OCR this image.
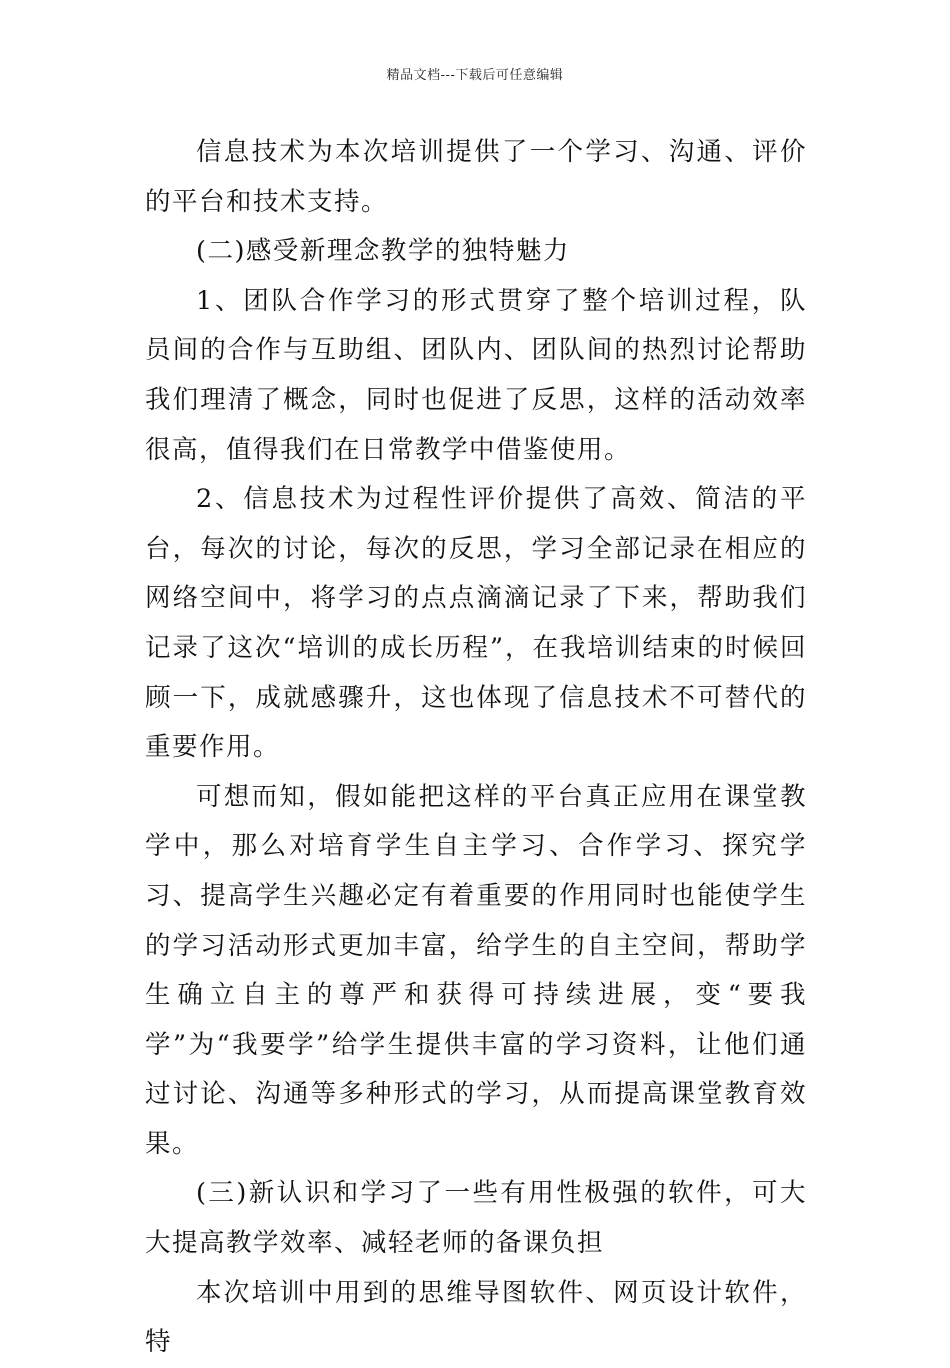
精品文档---下载后可任意编辑

信息技术为本次培训提供了一个学习、沟通、评价的平台和技术支持。

(二)感受新理念教学的独特魅力

1、团队合作学习的形式贯穿了整个培训过程，队员间的合作与互助组、团队内、团队间的热烈讨论帮助我们理清了概念，同时也促进了反思，这样的活动效率很高，值得我们在日常教学中借鉴使用。

2、信息技术为过程性评价提供了高效、简洁的平台，每次的讨论，每次的反思，学习全部记录在相应的网络空间中，将学习的点点滴滴记录了下来，帮助我们记录了这次“培训的成长历程”，在我培训结束的时候回顾一下，成就感骤升，这也体现了信息技术不可替代的重要作用。

可想而知，假如能把这样的平台真正应用在课堂教学中，那么对培育学生自主学习、合作学习、探究学习、提高学生兴趣必定有着重要的作用同时也能使学生的学习活动形式更加丰富，给学生的自主空间，帮助学生确立自主的尊严和获得可持续进展，变“要我学”为“我要学”给学生提供丰富的学习资料，让他们通过讨论、沟通等多种形式的学习，从而提高课堂教育效果。

(三)新认识和学习了一些有用性极强的软件，可大大提高教学效率、减轻老师的备课负担

本次培训中用到的思维导图软件、网页设计软件，特
